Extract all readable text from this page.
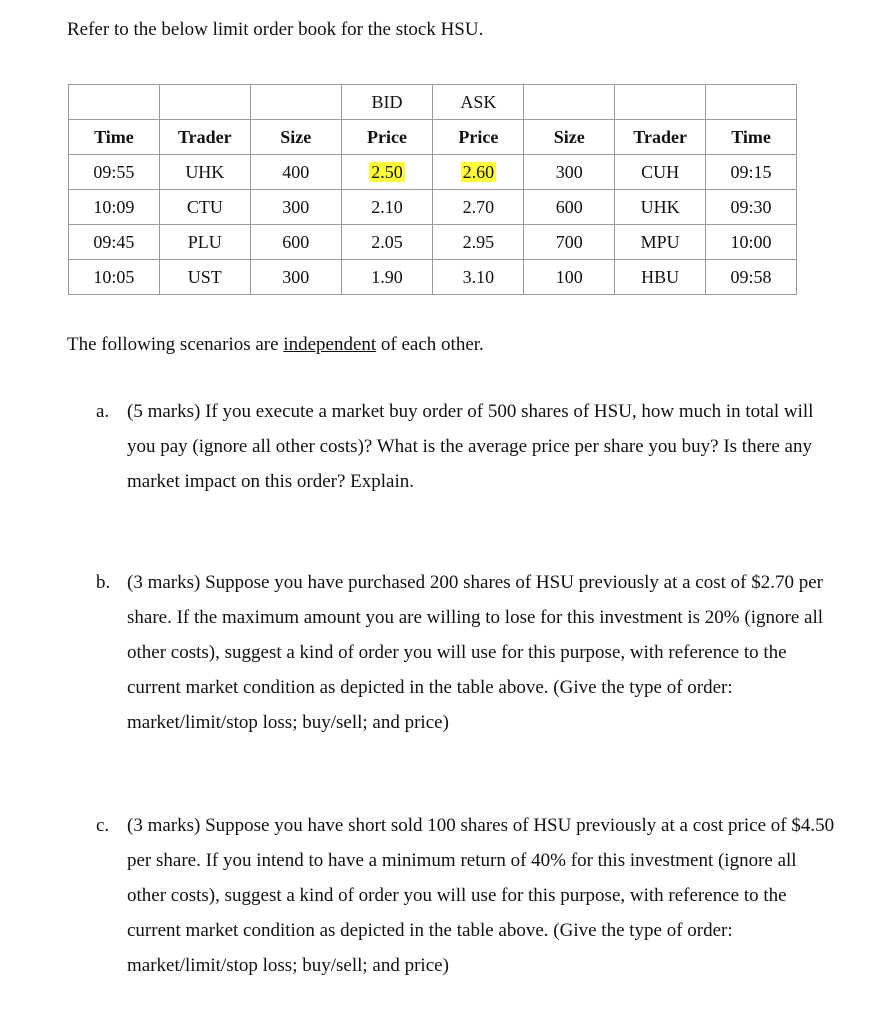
Refer to the below limit order book for the stock HSU.
			BID	ASK			
Time	Trader	Size	Price	Price	Size	Trader	Time
09:55	UHK	400	2.50	2.60	300	CUH	09:15
10:09	CTU	300	2.10	2.70	600	UHK	09:30
09:45	PLU	600	2.05	2.95	700	MPU	10:00
10:05	UST	300	1.90	3.10	100	HBU	09:58
The following scenarios are independent of each other.
a. (5 marks) If you execute a market buy order of 500 shares of HSU, how much in total will you pay (ignore all other costs)? What is the average price per share you buy? Is there any market impact on this order? Explain.
b. (3 marks) Suppose you have purchased 200 shares of HSU previously at a cost of $2.70 per share. If the maximum amount you are willing to lose for this investment is 20% (ignore all other costs), suggest a kind of order you will use for this purpose, with reference to the current market condition as depicted in the table above. (Give the type of order: market/limit/stop loss; buy/sell; and price)
c. (3 marks) Suppose you have short sold 100 shares of HSU previously at a cost price of $4.50 per share. If you intend to have a minimum return of 40% for this investment (ignore all other costs), suggest a kind of order you will use for this purpose, with reference to the current market condition as depicted in the table above. (Give the type of order: market/limit/stop loss; buy/sell; and price)
